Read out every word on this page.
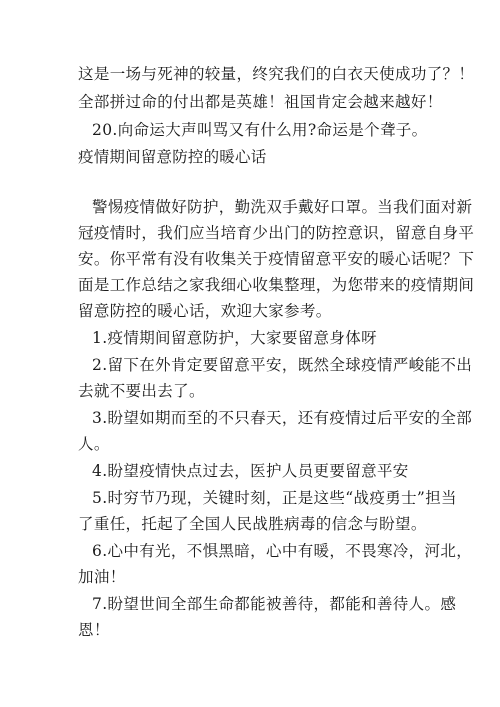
这是一场与死神的较量，终究我们的白衣天使成功了？！
全部拼过命的付出都是英雄！祖国肯定会越来越好！
20.向命运大声叫骂又有什么用?命运是个聋子。
疫情期间留意防控的暖心话
警惕疫情做好防护，勤洗双手戴好口罩。当我们面对新
冠疫情时，我们应当培育少出门的防控意识，留意自身平
安。你平常有没有收集关于疫情留意平安的暖心话呢？下
面是工作总结之家我细心收集整理，为您带来的疫情期间
留意防控的暖心话，欢迎大家参考。
1.疫情期间留意防护，大家要留意身体呀
2.留下在外肯定要留意平安，既然全球疫情严峻能不出
去就不要出去了。
3.盼望如期而至的不只春天，还有疫情过后平安的全部
人。
4.盼望疫情快点过去，医护人员更要留意平安
5.时穷节乃现，关键时刻，正是这些“战疫勇士”担当
了重任，托起了全国人民战胜病毒的信念与盼望。
6.心中有光，不惧黑暗，心中有暖，不畏寒冷，河北，
加油！
7.盼望世间全部生命都能被善待，都能和善待人。感
恩！
